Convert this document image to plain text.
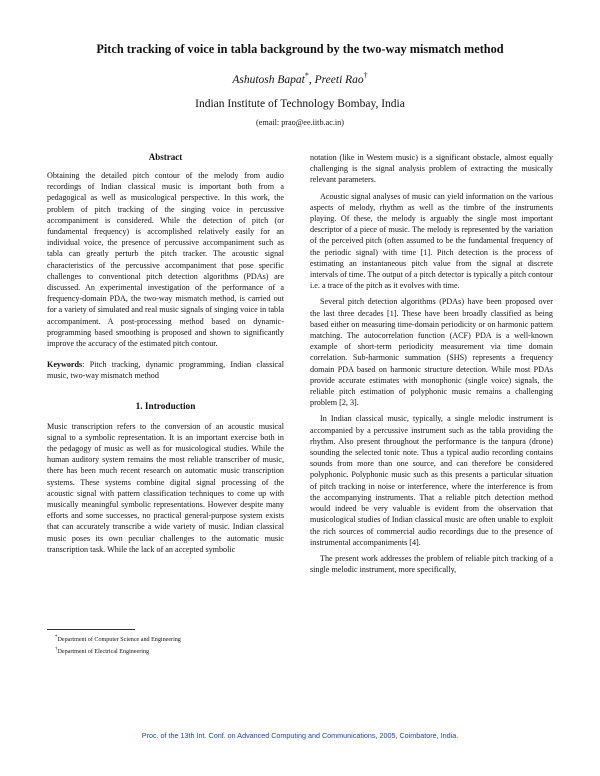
Pitch tracking of voice in tabla background by the two-way mismatch method
Ashutosh Bapat*, Preeti Rao†
Indian Institute of Technology Bombay, India
(email: prao@ee.iitb.ac.in)
Abstract

Obtaining the detailed pitch contour of the melody from audio recordings of Indian classical music is important both from a pedagogical as well as musicological perspective. In this work, the problem of pitch tracking of the singing voice in percussive accompaniment is considered. While the detection of pitch (or fundamental frequency) is accomplished relatively easily for an individual voice, the presence of percussive accompaniment such as tabla can greatly perturb the pitch tracker. The acoustic signal characteristics of the percussive accompaniment that pose specific challenges to conventional pitch detection algorithms (PDAs) are discussed. An experimental investigation of the performance of a frequency-domain PDA, the two-way mismatch method, is carried out for a variety of simulated and real music signals of singing voice in tabla accompaniment. A post-processing method based on dynamic-programming based smoothing is proposed and shown to significantly improve the accuracy of the estimated pitch contour.

Keywords: Pitch tracking, dynamic programming, Indian classical music, two-way mismatch method

1. Introduction

Music transcription refers to the conversion of an acoustic musical signal to a symbolic representation. It is an important exercise both in the pedagogy of music as well as for musicological studies. While the human auditory system remains the most reliable transcriber of music, there has been much recent research on automatic music transcription systems. These systems combine digital signal processing of the acoustic signal with pattern classification techniques to come up with musically meaningful symbolic representations. However despite many efforts and some successes, no practical general-purpose system exists that can accurately transcribe a wide variety of music. Indian classical music poses its own peculiar challenges to the automatic music transcription task. While the lack of an accepted symbolic

*Department of Computer Science and Engineering
†Department of Electrical Engineering

notation (like in Western music) is a significant obstacle, almost equally challenging is the signal analysis problem of extracting the musically relevant parameters.

Acoustic signal analyses of music can yield information on the various aspects of melody, rhythm as well as the timbre of the instruments playing. Of these, the melody is arguably the single most important descriptor of a piece of music. The melody is represented by the variation of the perceived pitch (often assumed to be the fundamental frequency of the periodic signal) with time [1]. Pitch detection is the process of estimating an instantaneous pitch value from the signal at discrete intervals of time. The output of a pitch detector is typically a pitch contour i.e. a trace of the pitch as it evolves with time.

Several pitch detection algorithms (PDAs) have been proposed over the last three decades [1]. These have been broadly classified as being based either on measuring time-domain periodicity or on harmonic pattern matching. The autocorrelation function (ACF) PDA is a well-known example of short-term periodicity measurement via time domain correlation. Sub-harmonic summation (SHS) represents a frequency domain PDA based on harmonic structure detection. While most PDAs provide accurate estimates with monophonic (single voice) signals, the reliable pitch estimation of polyphonic music remains a challenging problem [2, 3].

In Indian classical music, typically, a single melodic instrument is accompanied by a percussive instrument such as the tabla providing the rhythm. Also present throughout the performance is the tanpura (drone) sounding the selected tonic note. Thus a typical audio recording contains sounds from more than one source, and can therefore be considered polyphonic. Polyphonic music such as this presents a particular situation of pitch tracking in noise or interference, where the interference is from the accompanying instruments. That a reliable pitch detection method would indeed be very valuable is evident from the observation that musicological studies of Indian classical music are often unable to exploit the rich sources of commercial audio recordings due to the presence of instrumental accompaniments [4].

The present work addresses the problem of reliable pitch tracking of a single melodic instrument, more specifically,

Proc. of the 13th Int. Conf. on Advanced Computing and Communications, 2005, Coimbatore, India.
